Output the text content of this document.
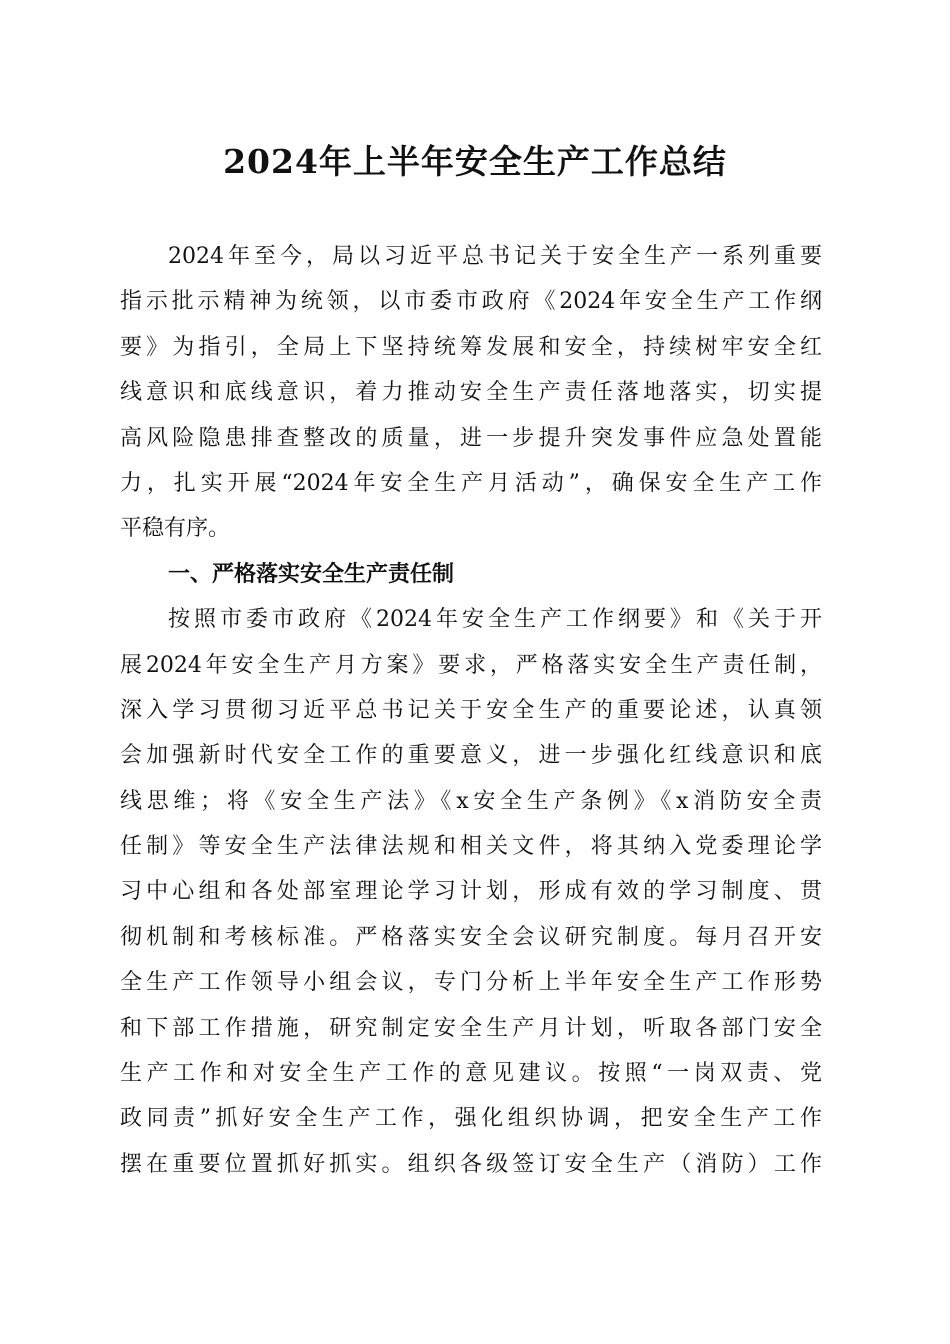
2024年上半年安全生产工作总结
2024年至今，局以习近平总书记关于安全生产一系列重要
指示批示精神为统领，以市委市政府《2024年安全生产工作纲
要》为指引，全局上下坚持统筹发展和安全，持续树牢安全红
线意识和底线意识，着力推动安全生产责任落地落实，切实提
高风险隐患排查整改的质量，进一步提升突发事件应急处置能
力，扎实开展“2024年安全生产月活动”，确保安全生产工作
平稳有序。
一、严格落实安全生产责任制
按照市委市政府《2024年安全生产工作纲要》和《关于开
展2024年安全生产月方案》要求，严格落实安全生产责任制，
深入学习贯彻习近平总书记关于安全生产的重要论述，认真领
会加强新时代安全工作的重要意义，进一步强化红线意识和底
线思维；将《安全生产法》《x安全生产条例》《x消防安全责
任制》等安全生产法律法规和相关文件，将其纳入党委理论学
习中心组和各处部室理论学习计划，形成有效的学习制度、贯
彻机制和考核标准。严格落实安全会议研究制度。每月召开安
全生产工作领导小组会议，专门分析上半年安全生产工作形势
和下部工作措施，研究制定安全生产月计划，听取各部门安全
生产工作和对安全生产工作的意见建议。按照“一岗双责、党
政同责”抓好安全生产工作，强化组织协调，把安全生产工作
摆在重要位置抓好抓实。组织各级签订安全生产（消防）工作
